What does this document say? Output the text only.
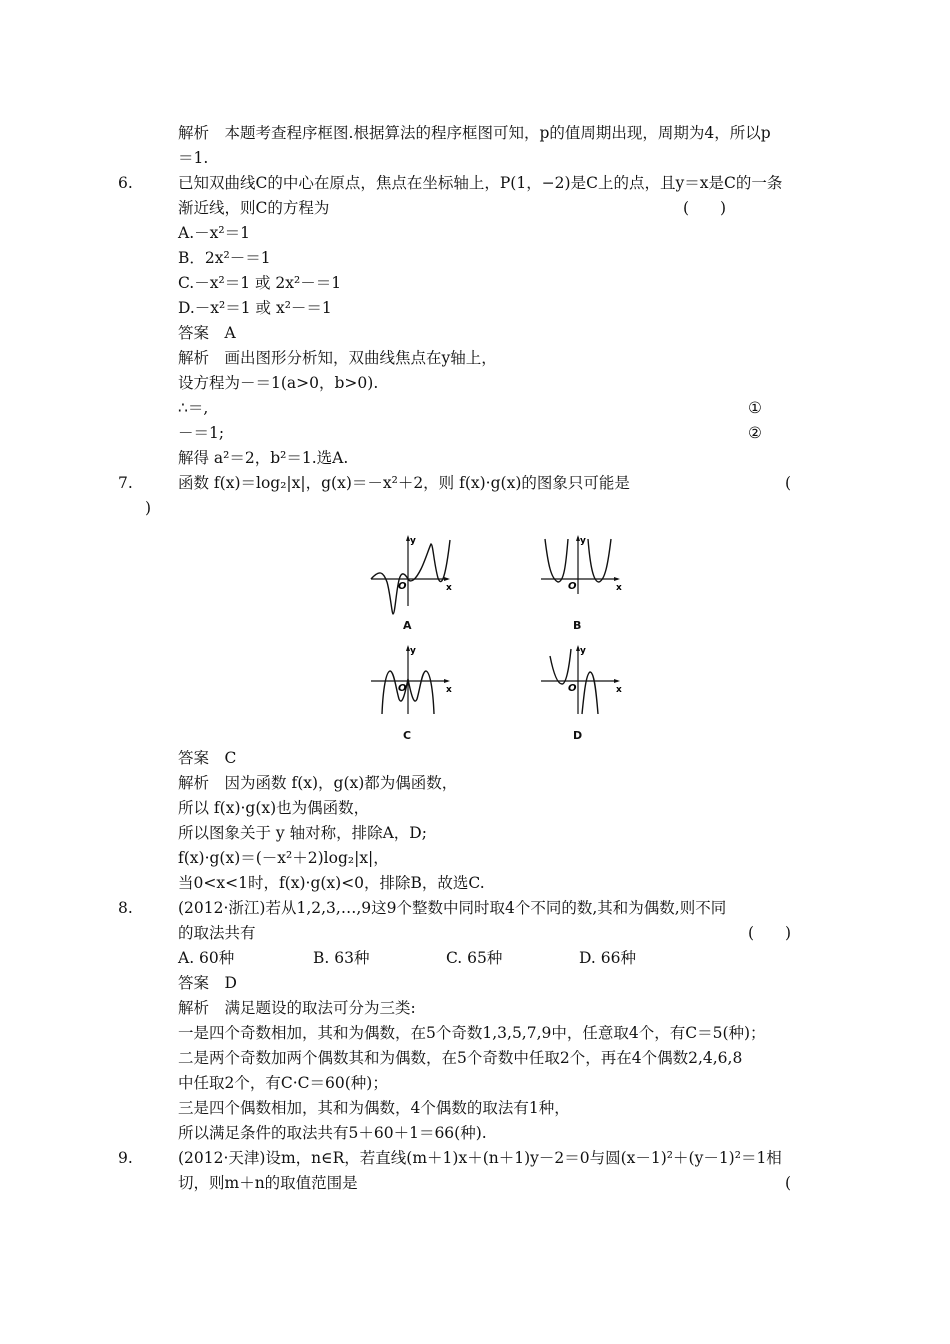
解析　 本题考查程序框图.根据算法的程序框图可知，p的值周期出现，周期为4，所以p
＝1.
6.	已知双曲线C的中心在原点，焦点在坐标轴上，P(1，−2)是C上的点，且y＝x是C的一条
渐近线，则C的方程为	(　　)
A.－x²＝1
B．2x²－＝1
C.－x²＝1 或 2x²－＝1
D.－x²＝1 或 x²－＝1
答案　 A
解析　 画出图形分析知，双曲线焦点在y轴上，
设方程为－＝1(a>0，b>0).
∴＝,	①
－＝1;	②
解得 a²＝2，b²＝1.选A.
7.	函数 f(x)＝log₂|x|，g(x)＝－x²＋2，则 f(x)·g(x)的图象只可能是	(
)
y
O	x
A
y
O	x
B
y
O	x
C
y
O	x
D
答案　 C
解析　 因为函数 f(x)，g(x)都为偶函数，
所以 f(x)·g(x)也为偶函数，
所以图象关于 y 轴对称，排除A，D;
f(x)·g(x)＝(－x²＋2)log₂|x|，
当0<x<1时，f(x)·g(x)<0，排除B，故选C.
8.	(2012·浙江)若从1,2,3,…,9这9个整数中同时取4个不同的数,其和为偶数,则不同
的取法共有	(　　)
A. 60种	B. 63种	C. 65种	D. 66种
答案　 D
解析　 满足题设的取法可分为三类:
一是四个奇数相加，其和为偶数，在5个奇数1,3,5,7,9中，任意取4个，有C＝5(种)；
二是两个奇数加两个偶数其和为偶数，在5个奇数中任取2个，再在4个偶数2,4,6,8
中任取2个，有C·C＝60(种)；
三是四个偶数相加，其和为偶数，4个偶数的取法有1种，
所以满足条件的取法共有5＋60＋1＝66(种).
9.	(2012·天津)设m，n∈R，若直线(m＋1)x＋(n＋1)y－2＝0与圆(x－1)²＋(y－1)²＝1相
切，则m＋n的取值范围是	(
